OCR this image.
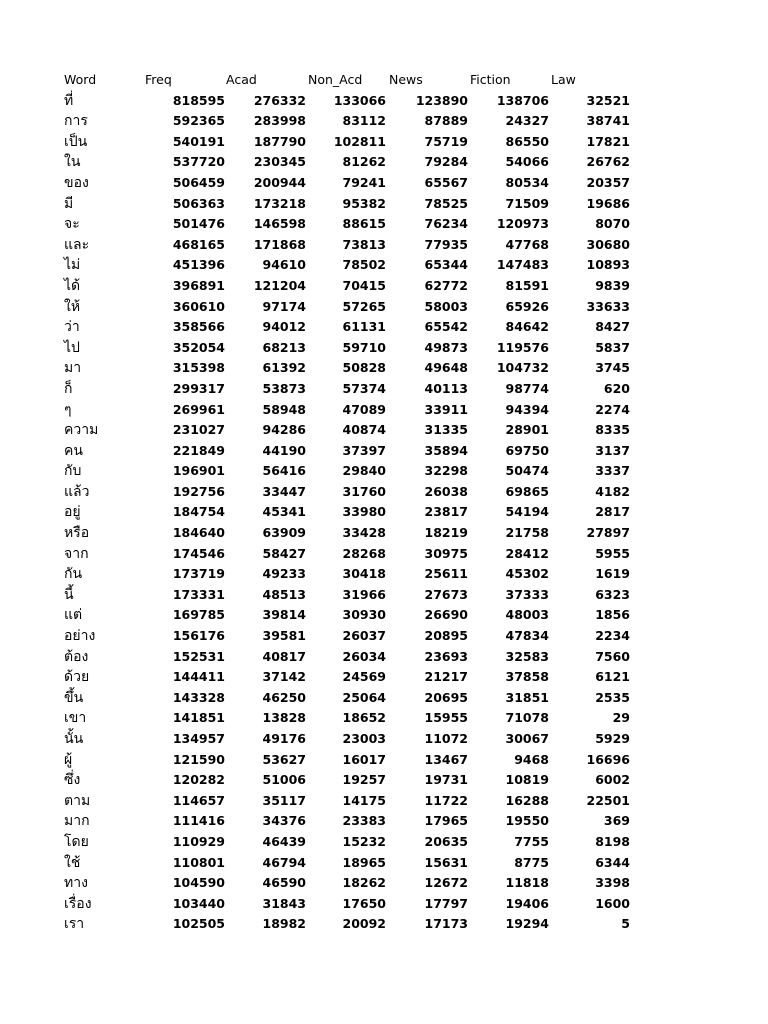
Word	Freq	Acad	Non_Acd News	Fiction	Law
ที่	818595	276332	133066	123890	138706	32521
การ	592365	283998	83112	87889	24327	38741
เป็น	540191	187790	102811	75719	86550	17821
ใน	537720	230345	81262	79284	54066	26762
ของ	506459	200944	79241	65567	80534	20357
มี	506363	173218	95382	78525	71509	19686
จะ	501476	146598	88615	76234	120973	8070
และ	468165	171868	73813	77935	47768	30680
ไม่	451396	94610	78502	65344	147483	10893
ได้	396891	121204	70415	62772	81591	9839
ให้	360610	97174	57265	58003	65926	33633
ว่า	358566	94012	61131	65542	84642	8427
ไป	352054	68213	59710	49873	119576	5837
มา	315398	61392	50828	49648	104732	3745
ก็	299317	53873	57374	40113	98774	620
ๆ	269961	58948	47089	33911	94394	2274
ความ	231027	94286	40874	31335	28901	8335
คน	221849	44190	37397	35894	69750	3137
กับ	196901	56416	29840	32298	50474	3337
แล้ว	192756	33447	31760	26038	69865	4182
อยู่	184754	45341	33980	23817	54194	2817
หรือ	184640	63909	33428	18219	21758	27897
จาก	174546	58427	28268	30975	28412	5955
กัน	173719	49233	30418	25611	45302	1619
นี้	173331	48513	31966	27673	37333	6323
แต่	169785	39814	30930	26690	48003	1856
อย่าง	156176	39581	26037	20895	47834	2234
ต้อง	152531	40817	26034	23693	32583	7560
ด้วย	144411	37142	24569	21217	37858	6121
ขึ้น	143328	46250	25064	20695	31851	2535
เขา	141851	13828	18652	15955	71078	29
นั้น	134957	49176	23003	11072	30067	5929
ผู้	121590	53627	16017	13467	9468	16696
ซึ่ง	120282	51006	19257	19731	10819	6002
ตาม	114657	35117	14175	11722	16288	22501
มาก	111416	34376	23383	17965	19550	369
โดย	110929	46439	15232	20635	7755	8198
ใช้	110801	46794	18965	15631	8775	6344
ทาง	104590	46590	18262	12672	11818	3398
เรื่อง	103440	31843	17650	17797	19406	1600
เรา	102505	18982	20092	17173	19294	5
